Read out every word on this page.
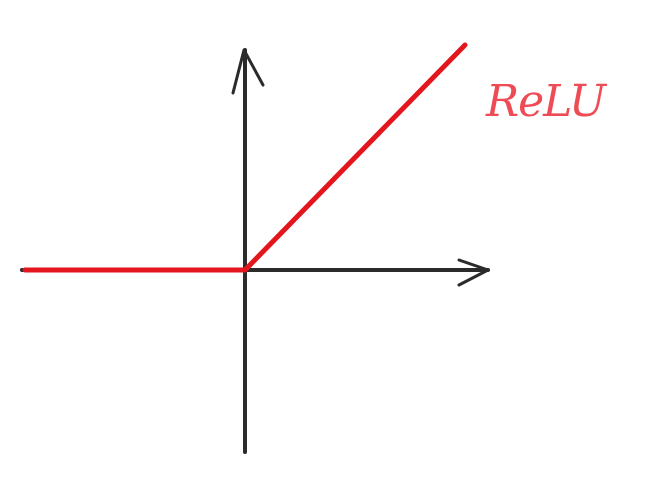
ReLU
